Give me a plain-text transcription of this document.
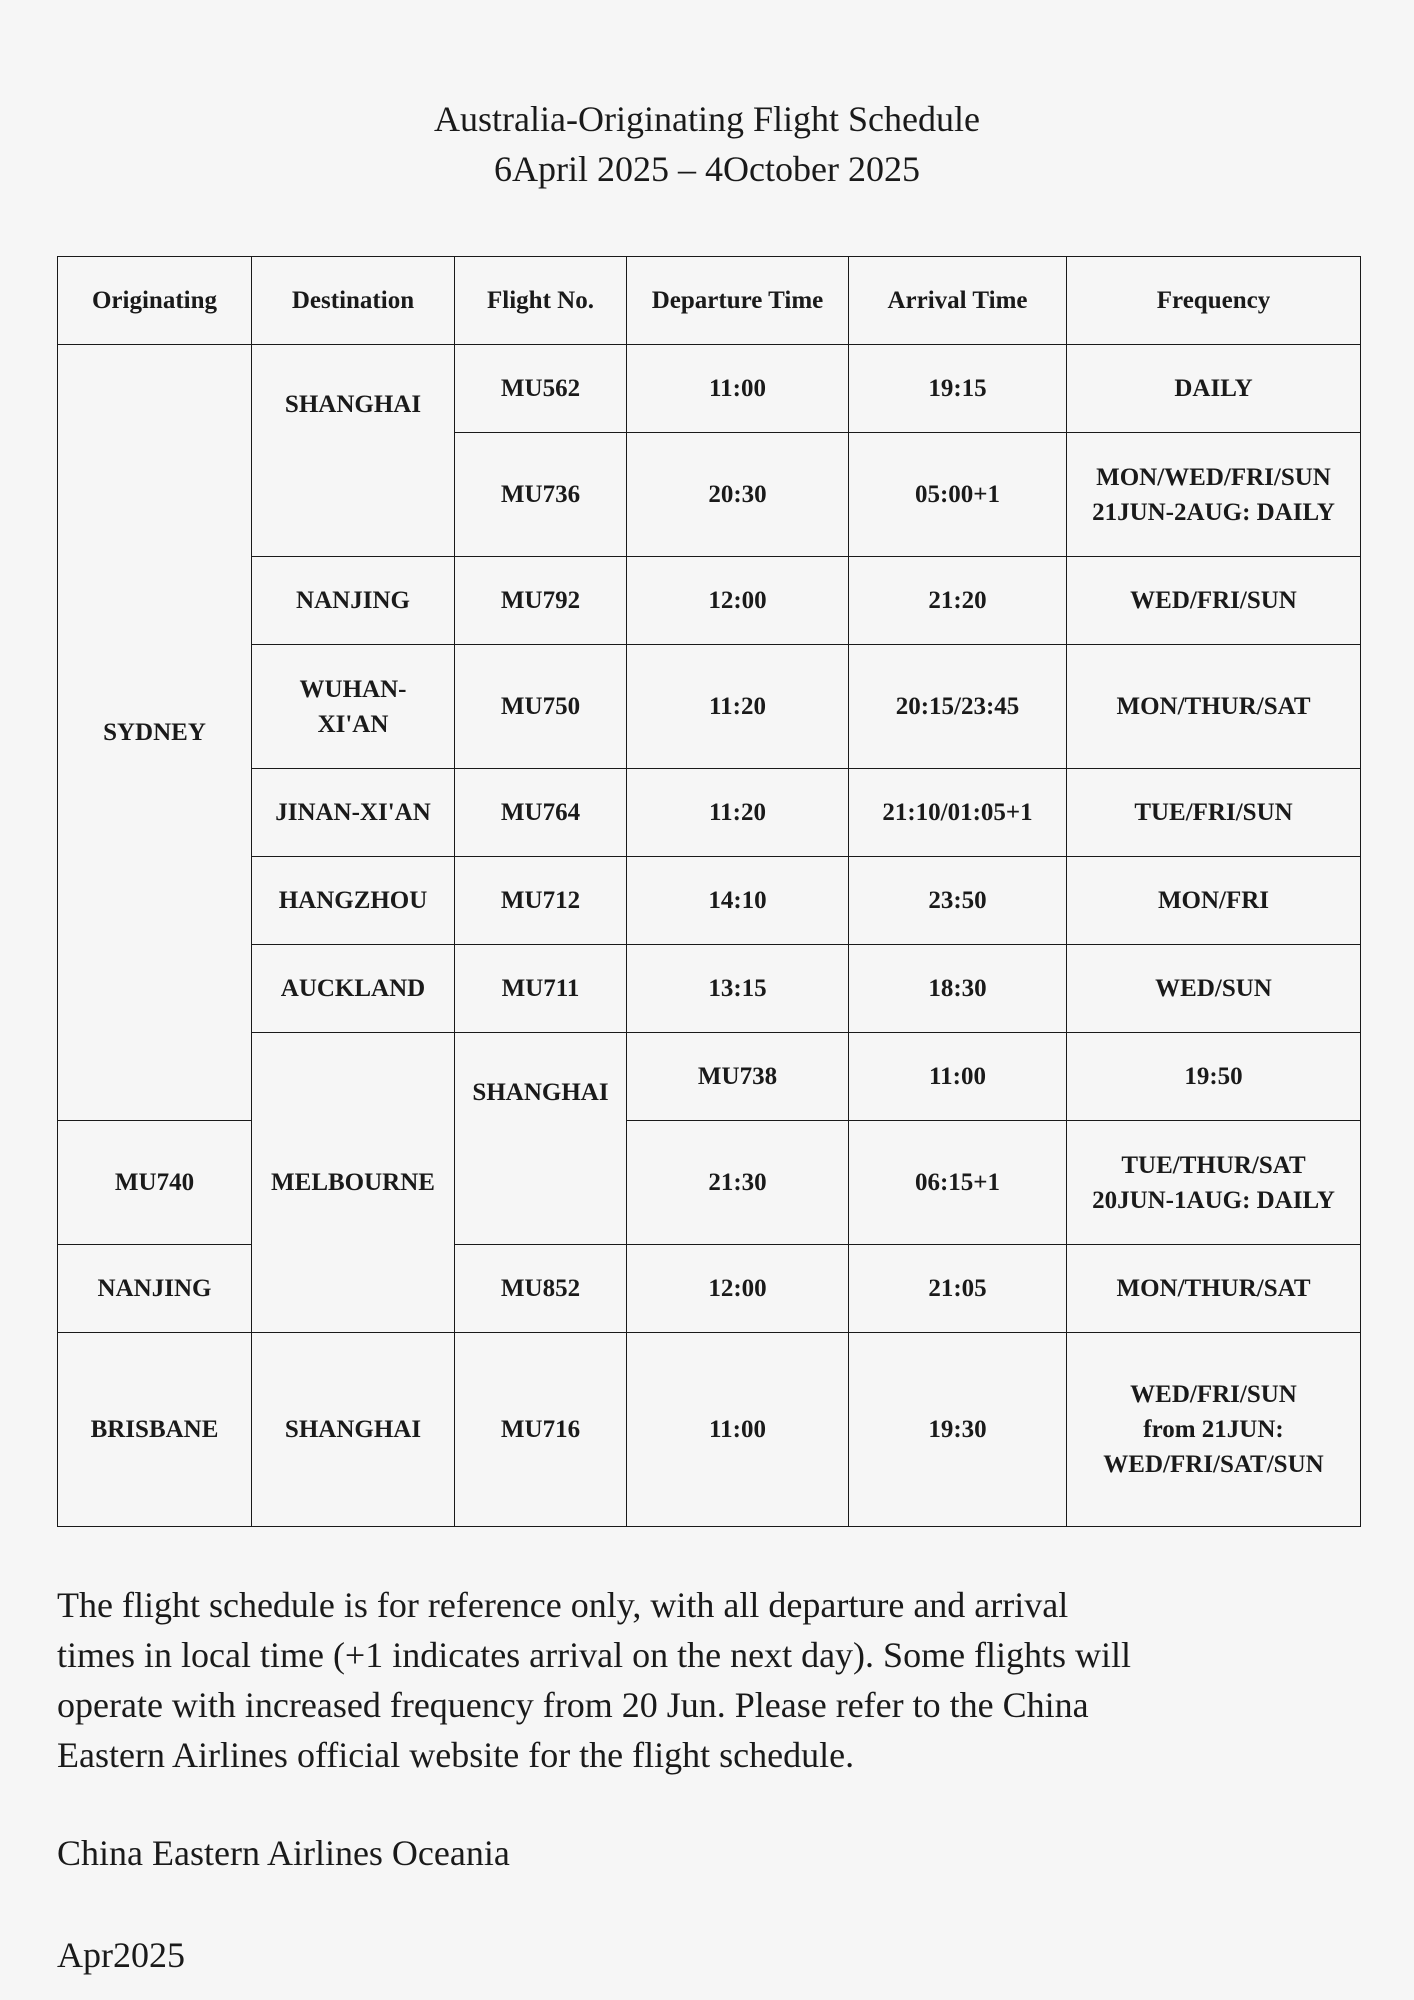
Australia-Originating Flight Schedule
6April 2025 – 4October 2025
Originating	Destination	Flight No.	Departure Time	Arrival Time	Frequency	
SYDNEY	SHANGHAI	MU562	11:00	19:15	DAILY	
		MU736	20:30	05:00+1	MON/WED/FRI/SUN
21JUN-2AUG: DAILY	

	NANJING	MU792	12:00	21:20	WED/FRI/SUN	

	WUHAN-
XI'AN	MU750	11:20	20:15/23:45	MON/THUR/SAT	
	JINAN-XI'AN	MU764	11:20	21:10/01:05+1	TUE/FRI/SUN	
	HANGZHOU	MU712	14:10	23:50	MON/FRI	
	AUCKLAND	MU711	13:15	18:30	WED/SUN	
	MELBOURNE	SHANGHAI	MU738	11:00	19:50	
MU740			21:30	06:15+1	TUE/THUR/SAT
20JUN-1AUG: DAILY	

NANJING		MU852	12:00	21:05	MON/THUR/SAT	
BRISBANE	SHANGHAI	MU716	11:00	19:30	WED/FRI/SUN
from 21JUN:
WED/FRI/SAT/SUN	
The flight schedule is for reference only, with all departure and arrival
times in local time (+1 indicates arrival on the next day). Some flights will
operate with increased frequency from 20 Jun. Please refer to the China
Eastern Airlines official website for the flight schedule.
China Eastern Airlines Oceania
Apr2025
